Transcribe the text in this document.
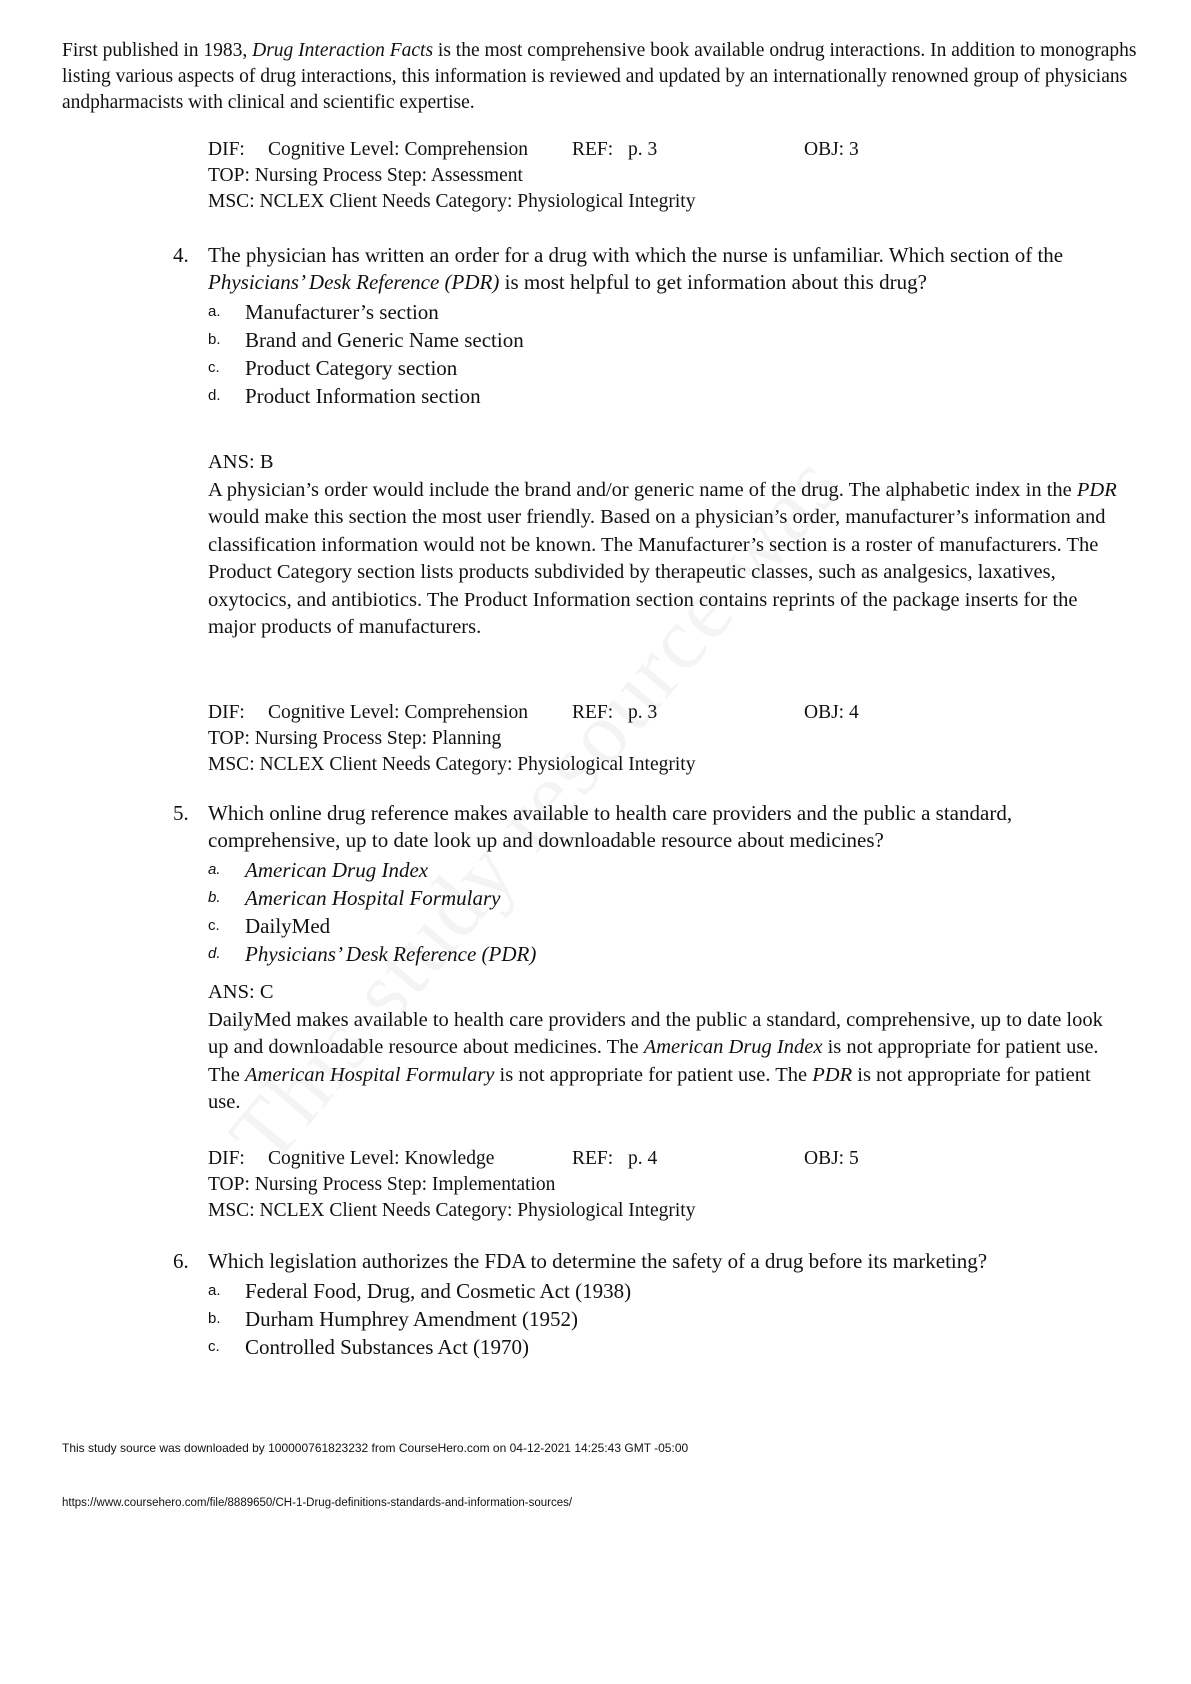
First published in 1983, Drug Interaction Facts is the most comprehensive book available ondrug interactions. In addition to monographs listing various aspects of drug interactions, this information is reviewed and updated by an internationally renowned group of physicians andpharmacists with clinical and scientific expertise.
DIF: Cognitive Level: Comprehension REF: p. 3	OBJ: 3
TOP: Nursing Process Step: Assessment
MSC: NCLEX Client Needs Category: Physiological Integrity
4. The physician has written an order for a drug with which the nurse is unfamiliar. Which section of the Physicians’ Desk Reference (PDR) is most helpful to get information about this drug?
a. Manufacturer’s section
b. Brand and Generic Name section
c. Product Category section
d. Product Information section
ANS: B
A physician’s order would include the brand and/or generic name of the drug. The alphabetic index in the PDR would make this section the most user friendly. Based on a physician’s order, manufacturer’s information and classification information would not be known. The Manufacturer’s section is a roster of manufacturers. The Product Category section lists products subdivided by therapeutic classes, such as analgesics, laxatives, oxytocics, and antibiotics. The Product Information section contains reprints of the package inserts for the major products of manufacturers.
DIF: Cognitive Level: Comprehension REF: p. 3	OBJ: 4
TOP: Nursing Process Step: Planning
MSC: NCLEX Client Needs Category: Physiological Integrity
5. Which online drug reference makes available to health care providers and the public a standard, comprehensive, up to date look up and downloadable resource about medicines?
a. American Drug Index
b. American Hospital Formulary
c. DailyMed
d. Physicians’ Desk Reference (PDR)
ANS: C
DailyMed makes available to health care providers and the public a standard, comprehensive, up to date look up and downloadable resource about medicines. The American Drug Index is not appropriate for patient use. The American Hospital Formulary is not appropriate for patient use. The PDR is not appropriate for patient use.
DIF: Cognitive Level: Knowledge	REF: p. 4	OBJ: 5
TOP: Nursing Process Step: Implementation
MSC: NCLEX Client Needs Category: Physiological Integrity
6. Which legislation authorizes the FDA to determine the safety of a drug before its marketing?
a. Federal Food, Drug, and Cosmetic Act (1938)
b. Durham Humphrey Amendment (1952)
c. Controlled Substances Act (1970)
This study source was downloaded by 100000761823232 from CourseHero.com on 04-12-2021 14:25:43 GMT -05:00
https://www.coursehero.com/file/8889650/CH-1-Drug-definitions-standards-and-information-sources/
